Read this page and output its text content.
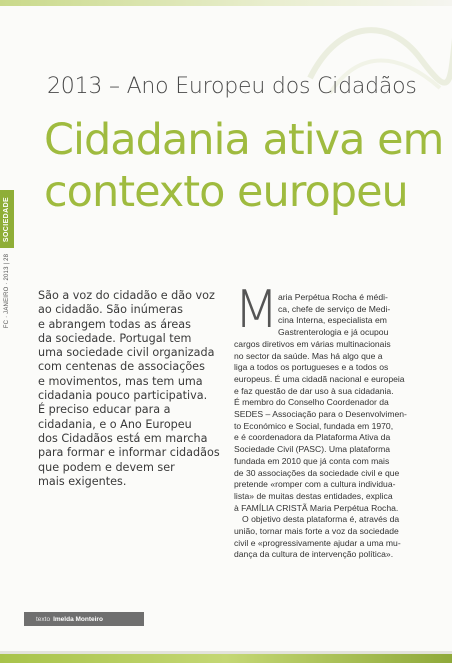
2013 – Ano Europeu dos Cidadãos
Cidadania ativa em
contexto europeu
SOCIEDADE
FC · JANEIRO · 2013 | 28 São a voz do cidadão e dão voz
ao cidadão. São inúmeras
e abrangem todas as áreas
da sociedade. Portugal tem
uma sociedade civil organizada
com centenas de associações
e movimentos, mas tem uma
cidadania pouco participativa.
É preciso educar para a
cidadania, e o Ano Europeu
dos Cidadãos está em marcha
para formar e informar cidadãos
que podem e devem ser
mais exigentes.
M aria Perpétua Rocha é médi-
ca, chefe de serviço de Medi-
cina Interna, especialista em
Gastrenterologia e já ocupou
cargos diretivos em várias multinacionais
no sector da saúde. Mas há algo que a
liga a todos os portugueses e a todos os
europeus. É uma cidadã nacional e europeia
e faz questão de dar uso à sua cidadania.
É membro do Conselho Coordenador da
SEDES – Associação para o Desenvolvimen-
to Económico e Social, fundada em 1970,
e é coordenadora da Plataforma Ativa da
Sociedade Civil (PASC). Uma plataforma
fundada em 2010 que já conta com mais
de 30 associações da sociedade civil e que
pretende «romper com a cultura individua-
lista» de muitas destas entidades, explica
à FAMÍLIA CRISTÃ Maria Perpétua Rocha.
O objetivo desta plataforma é, através da
união, tornar mais forte a voz da sociedade
civil e «progressivamente ajudar a uma mu-
dança da cultura de intervenção política».
texto Imelda Monteiro
